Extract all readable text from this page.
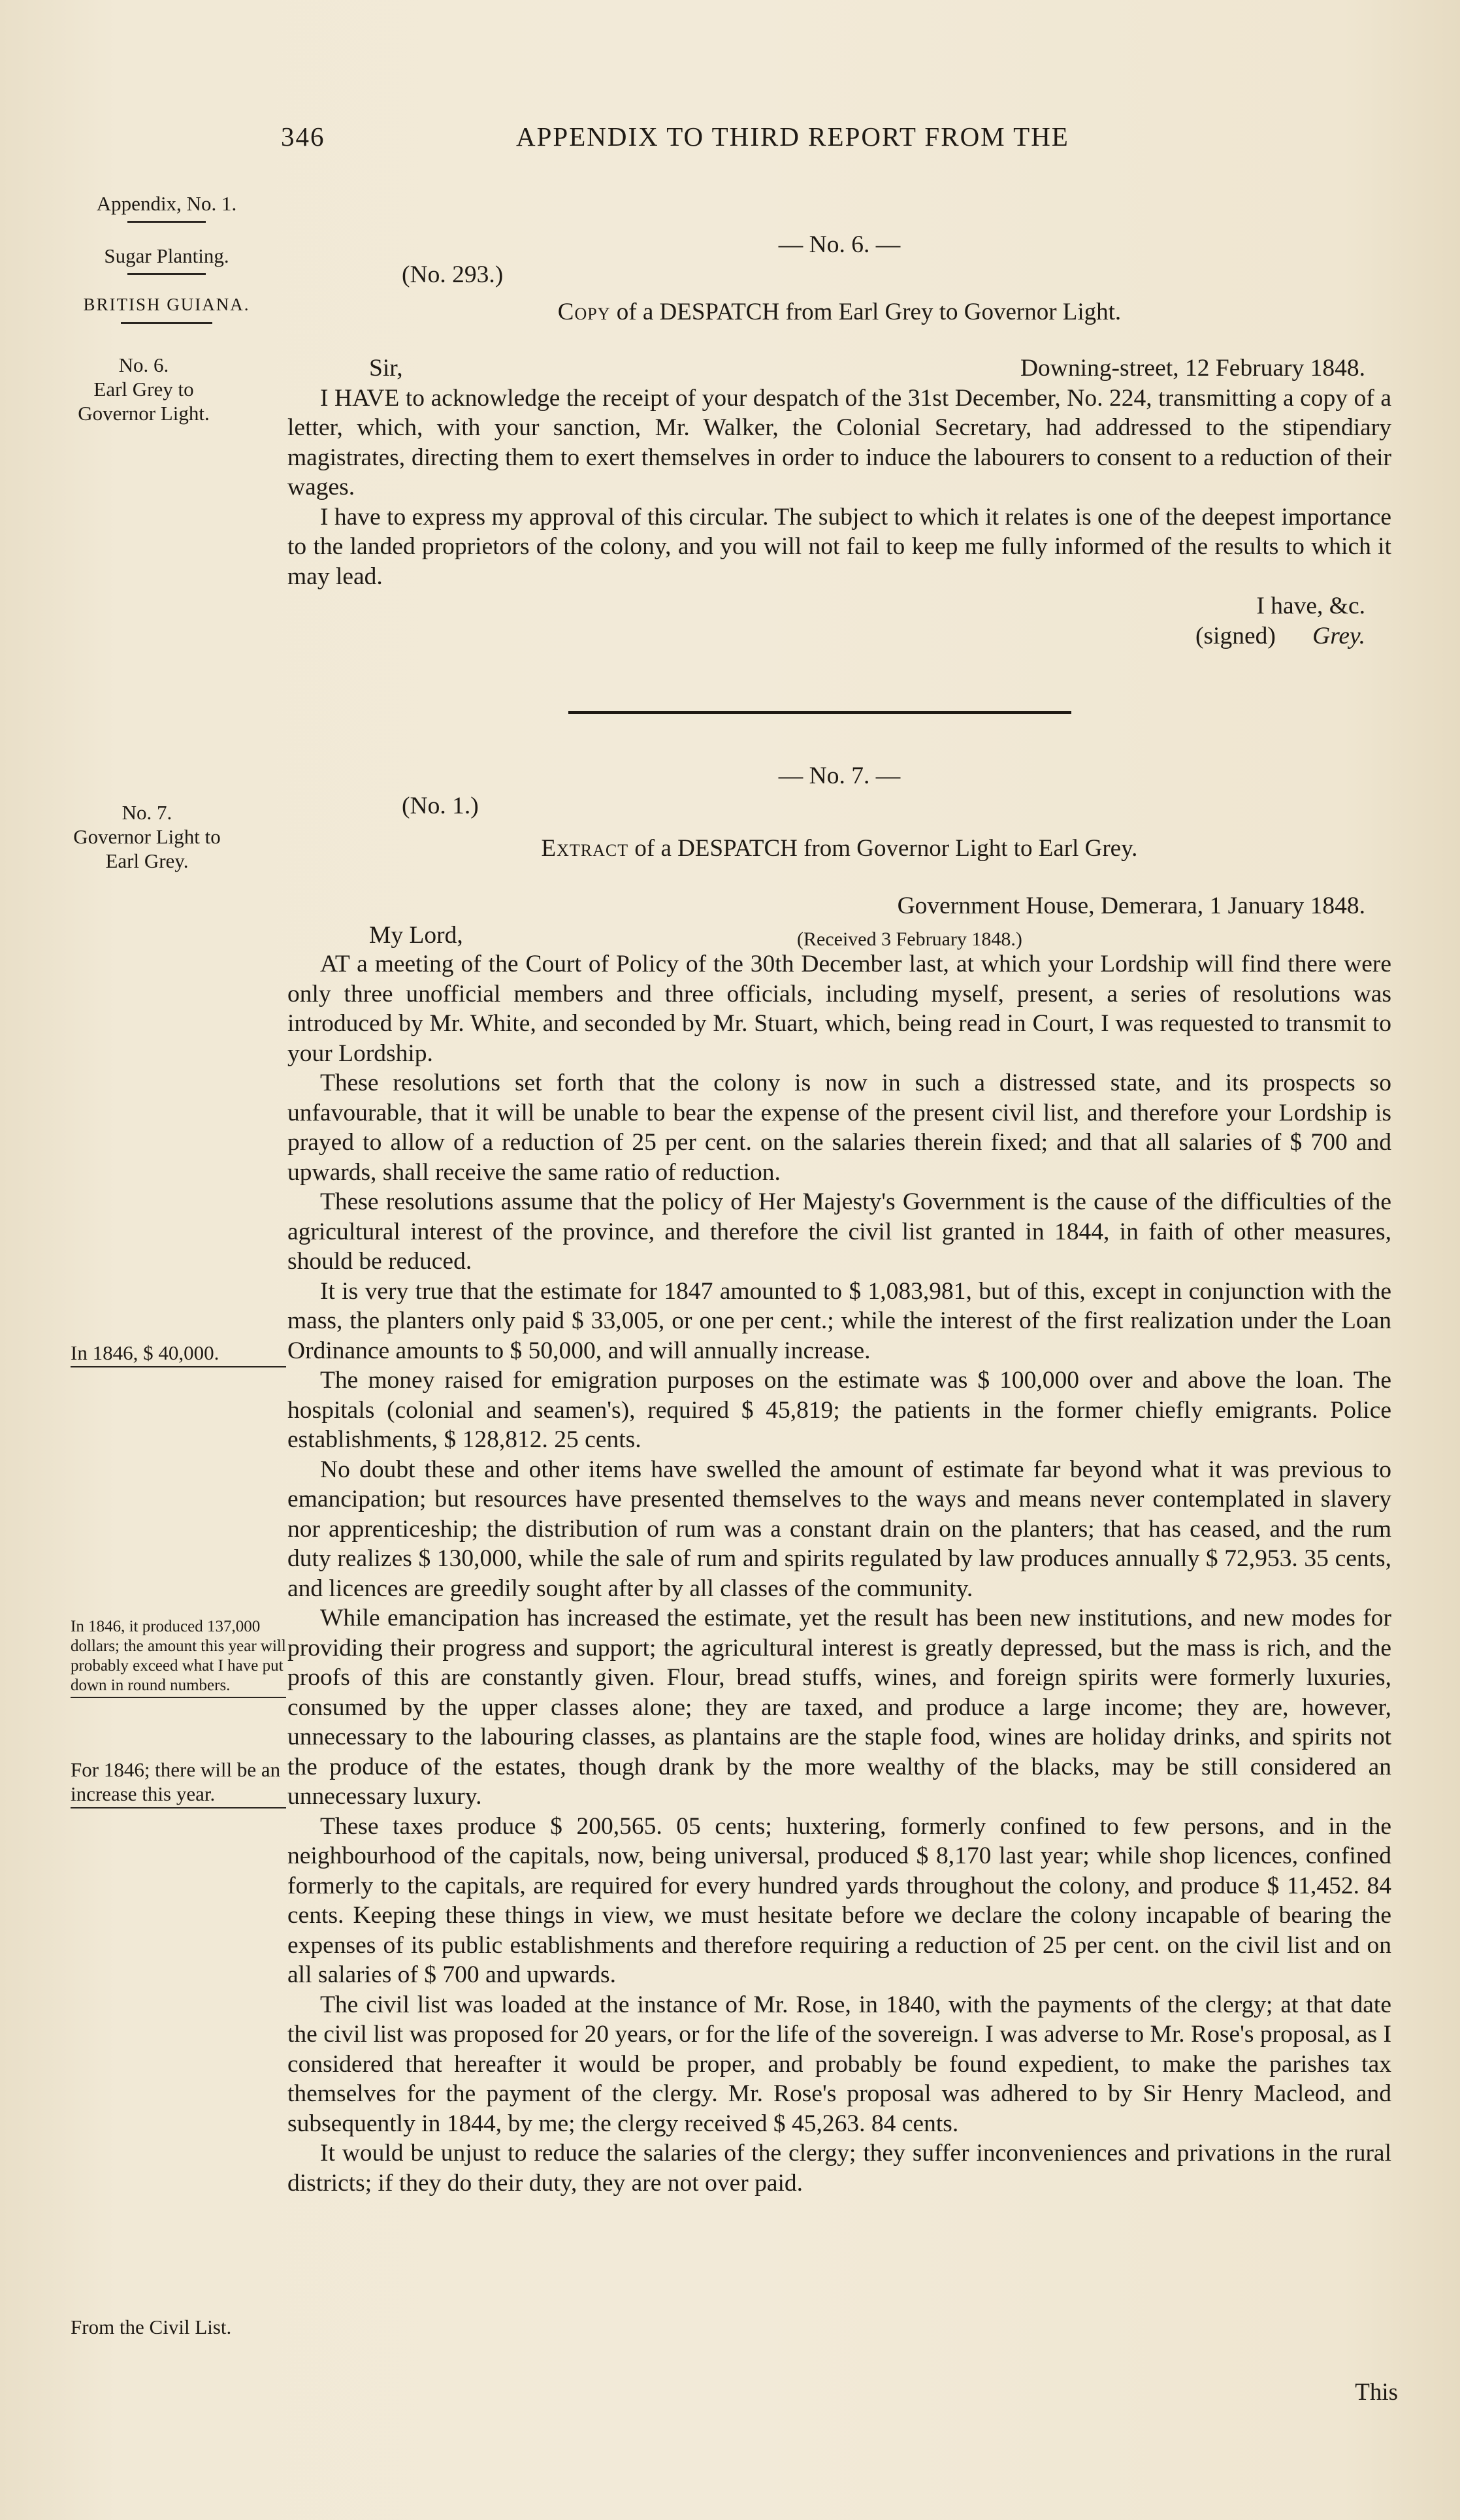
346	APPENDIX TO THIRD REPORT FROM THE
Appendix, No. 1.
Sugar Planting.
BRITISH GUIANA.
No. 6.
Earl Grey to Governor Light.
No. 7.
Governor Light to Earl Grey.
In 1846, $ 40,000.
In 1846, it produced 137,000 dollars; the amount this year will probably exceed what I have put down in round numbers.
For 1846; there will be an increase this year.
From the Civil List.
— No. 6. —
(No. 293.)
Copy of a DESPATCH from Earl Grey to Governor Light.
Sir,	Downing-street, 12 February 1848.

I HAVE to acknowledge the receipt of your despatch of the 31st December, No. 224, transmitting a copy of a letter, which, with your sanction, Mr. Walker, the Colonial Secretary, had addressed to the stipendiary magistrates, directing them to exert themselves in order to induce the labourers to consent to a reduction of their wages.

I have to express my approval of this circular. The subject to which it relates is one of the deepest importance to the landed proprietors of the colony, and you will not fail to keep me fully informed of the results to which it may lead.

I have, &c.
(signed) Grey.
— No. 7. —
(No. 1.)
Extract of a DESPATCH from Governor Light to Earl Grey.
Government House, Demerara, 1 January 1848.
My Lord,	(Received 3 February 1848.)

AT a meeting of the Court of Policy of the 30th December last, at which your Lordship will find there were only three unofficial members and three officials, including myself, present, a series of resolutions was introduced by Mr. White, and seconded by Mr. Stuart, which, being read in Court, I was requested to transmit to your Lordship.

These resolutions set forth that the colony is now in such a distressed state, and its prospects so unfavourable, that it will be unable to bear the expense of the present civil list, and therefore your Lordship is prayed to allow of a reduction of 25 per cent. on the salaries therein fixed; and that all salaries of $ 700 and upwards, shall receive the same ratio of reduction.

These resolutions assume that the policy of Her Majesty's Government is the cause of the difficulties of the agricultural interest of the province, and therefore the civil list granted in 1844, in faith of other measures, should be reduced.

It is very true that the estimate for 1847 amounted to $ 1,083,981, but of this, except in conjunction with the mass, the planters only paid $ 33,005, or one per cent.; while the interest of the first realization under the Loan Ordinance amounts to $ 50,000, and will annually increase.

The money raised for emigration purposes on the estimate was $ 100,000 over and above the loan. The hospitals (colonial and seamen's), required $ 45,819; the patients in the former chiefly emigrants. Police establishments, $ 128,812. 25 cents.

No doubt these and other items have swelled the amount of estimate far beyond what it was previous to emancipation; but resources have presented themselves to the ways and means never contemplated in slavery nor apprenticeship; the distribution of rum was a constant drain on the planters; that has ceased, and the rum duty realizes $ 130,000, while the sale of rum and spirits regulated by law produces annually $ 72,953. 35 cents, and licences are greedily sought after by all classes of the community.

While emancipation has increased the estimate, yet the result has been new institutions, and new modes for providing their progress and support; the agricultural interest is greatly depressed, but the mass is rich, and the proofs of this are constantly given. Flour, bread stuffs, wines, and foreign spirits were formerly luxuries, consumed by the upper classes alone; they are taxed, and produce a large income; they are, however, unnecessary to the labouring classes, as plantains are the staple food, wines are holiday drinks, and spirits not the produce of the estates, though drank by the more wealthy of the blacks, may be still considered an unnecessary luxury.

These taxes produce $ 200,565. 05 cents; huxtering, formerly confined to few persons, and in the neighbourhood of the capitals, now, being universal, produced $ 8,170 last year; while shop licences, confined formerly to the capitals, are required for every hundred yards throughout the colony, and produce $ 11,452. 84 cents. Keeping these things in view, we must hesitate before we declare the colony incapable of bearing the expenses of its public establishments and therefore requiring a reduction of 25 per cent. on the civil list and on all salaries of $ 700 and upwards.

The civil list was loaded at the instance of Mr. Rose, in 1840, with the payments of the clergy; at that date the civil list was proposed for 20 years, or for the life of the sovereign. I was adverse to Mr. Rose's proposal, as I considered that hereafter it would be proper, and probably be found expedient, to make the parishes tax themselves for the payment of the clergy. Mr. Rose's proposal was adhered to by Sir Henry Macleod, and subsequently in 1844, by me; the clergy received $ 45,263. 84 cents.

It would be unjust to reduce the salaries of the clergy; they suffer inconveniences and privations in the rural districts; if they do their duty, they are not over paid.

This
